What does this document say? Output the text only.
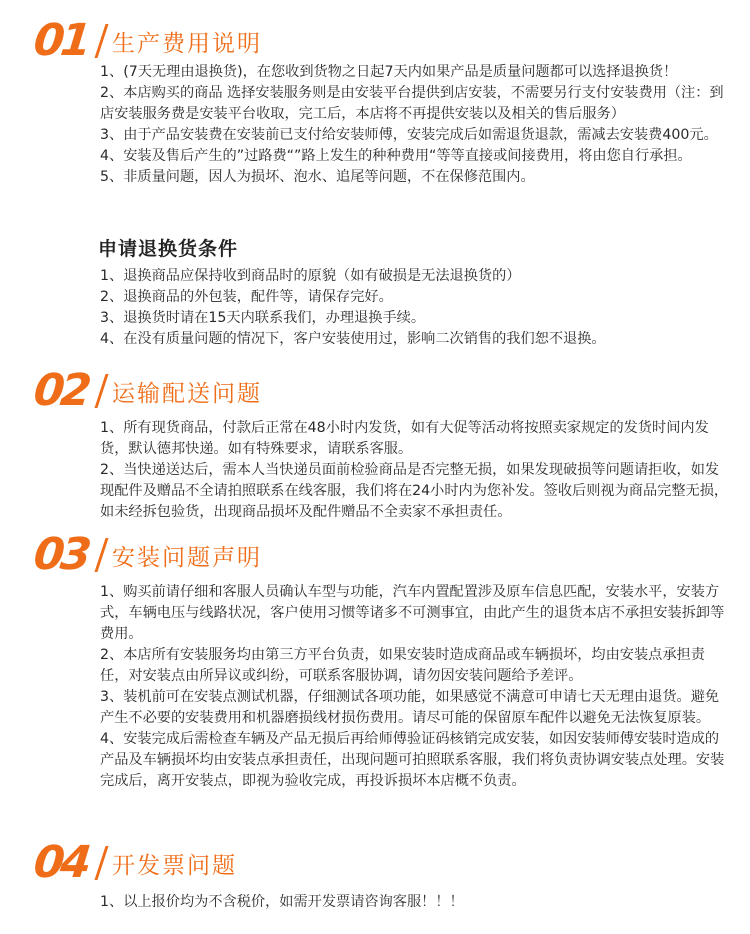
01 生产费用说明

1、(7天无理由退换货)，在您收到货物之日起7天内如果产品是质量问题都可以选择退换货！

2、本店购买的商品 选择安装服务则是由安装平台提供到店安装，不需要另行支付安装费用（注：到店安装服务费是安装平台收取，完工后，本店将不再提供安装以及相关的售后服务）

3、由于产品安装费在安装前已支付给安装师傅，安装完成后如需退货退款，需减去安装费400元。

4、安装及售后产生的”过路费“”路上发生的种种费用“等等直接或间接费用，将由您自行承担。

5、非质量问题，因人为损坏、泡水、追尾等问题，不在保修范围内。

申请退换货条件

1、退换商品应保持收到商品时的原貌（如有破损是无法退换货的）

2、退换商品的外包装，配件等，请保存完好。

3、退换货时请在15天内联系我们，办理退换手续。

4、在没有质量问题的情况下，客户安装使用过，影响二次销售的我们恕不退换。

02 运输配送问题

1、所有现货商品，付款后正常在48小时内发货，如有大促等活动将按照卖家规定的发货时间内发货，默认德邦快递。如有特殊要求，请联系客服。

2、当快递送达后，需本人当快递员面前检验商品是否完整无损，如果发现破损等问题请拒收，如发现配件及赠品不全请拍照联系在线客服，我们将在24小时内为您补发。签收后则视为商品完整无损，如未经拆包验货，出现商品损坏及配件赠品不全卖家不承担责任。

03 安装问题声明

1、购买前请仔细和客服人员确认车型与功能，汽车内置配置涉及原车信息匹配，安装水平，安装方式，车辆电压与线路状况，客户使用习惯等诸多不可测事宜，由此产生的退货本店不承担安装拆卸等费用。

2、本店所有安装服务均由第三方平台负责，如果安装时造成商品或车辆损坏，均由安装点承担责任，对安装点由所异议或纠纷，可联系客服协调，请勿因安装问题给予差评。

3、装机前可在安装点测试机器，仔细测试各项功能，如果感觉不满意可申请七天无理由退货。避免产生不必要的安装费用和机器磨损线材损伤费用。请尽可能的保留原车配件以避免无法恢复原装。

4、安装完成后需检查车辆及产品无损后再给师傅验证码核销完成安装，如因安装师傅安装时造成的产品及车辆损坏均由安装点承担责任，出现问题可拍照联系客服，我们将负责协调安装点处理。安装完成后，离开安装点，即视为验收完成，再投诉损坏本店概不负责。

04 开发票问题

1、以上报价均为不含税价，如需开发票请咨询客服！！！
